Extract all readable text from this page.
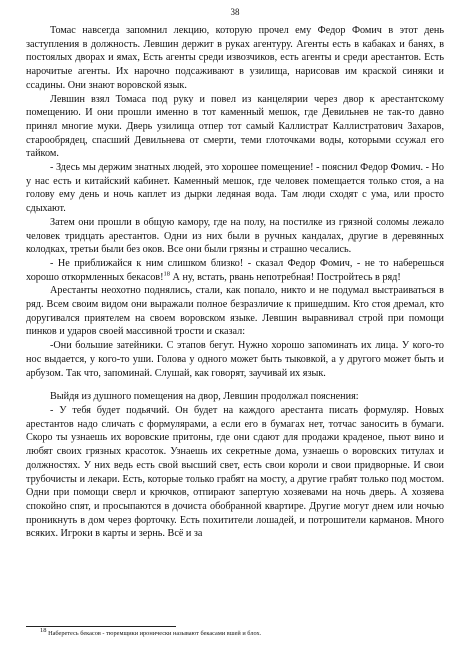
38

Томас навсегда запомнил лекцию, которую прочел ему Федор Фомич в этот день заступления в должность. Левшин держит в руках агентуру. Агенты есть в кабаках и банях, в постоялых дворах и ямах, Есть агенты среди извозчиков, есть агенты и среди арестантов. Есть нарочитые агенты. Их нарочно подсаживают в узилища, нарисовав им краской синяки и ссадины. Они знают воровской язык.

Левшин взял Томаса под руку и повел из канцелярии через двор к арестантскому помещению. И они прошли именно в тот каменный мешок, где Девильнев не так-то давно принял многие муки. Дверь узилища отпер тот самый Каллистрат Каллистратович Захаров, старообрядец, спасший Девильнева от смерти, теми глоточками воды, которыми ссужал его тайком.

- Здесь мы держим знатных людей, это хорошее помещение! - пояснил Федор Фомич. - Но у нас есть и китайский кабинет. Каменный мешок, где человек помещается только стоя, а на голову ему день и ночь каплет из дырки ледяная вода. Там люди сходят с ума, или просто сдыхают.

Затем они прошли в общую камору, где на полу, на постилке из грязной соломы лежало человек тридцать арестантов. Одни из них были в ручных кандалах, другие в деревянных колодках, третьи были без оков. Все они были грязны и страшно чесались.

- Не приближайся к ним слишком близко! - сказал Федор Фомич, - не то наберешься хорошо откормленных бекасов!$^{18}$ А ну, встать, рвань непотребная! Постройтесь в ряд!

Арестанты неохотно поднялись, стали, как попало, никто и не подумал выстраиваться в ряд. Всем своим видом они выражали полное безразличие к пришедшим. Кто стоя дремал, кто доругивался приятелем на своем воровском языке. Левшин выравнивал строй при помощи пинков и ударов своей массивной трости и сказал:

-Они большие затейники. С этапов бегут. Нужно хорошо запоминать их лица. У кого-то нос выдается, у кого-то уши. Голова у одного может быть тыковкой, а у другого может быть и арбузом. Так что, запоминай. Слушай, как говорят, заучивай их язык.

Выйдя из душного помещения на двор, Левшин продолжал пояснения:

- У тебя будет подьячий. Он будет на каждого арестанта писать формуляр. Новых арестантов надо сличать с формулярами, а если его в бумагах нет, тотчас заносить в бумаги. Скоро ты узнаешь их воровские притоны, где они сдают для продажи краденое, пьют вино и любят своих грязных красоток. Узнаешь их секретные дома, узнаешь о воровских титулах и должностях. У них ведь есть свой высший свет, есть свои короли и свои придворные. И свои трубочисты и лекари. Есть, которые только грабят на мосту, а другие грабят только под мостом. Одни при помощи сверл и крючков, отпирают запертую хозяевами на ночь дверь. А хозяева спокойно спят, и просыпаются в дочиста обобранной квартире. Другие могут днем или ночью проникнуть в дом через форточку. Есть похитители лошадей, и потрошители карманов. Много всяких. Игроки в карты и зернь. Всё и за

$^{18}$ Наберетесь бекасов - тюремщики иронически называют бекасами вшей и блох.
